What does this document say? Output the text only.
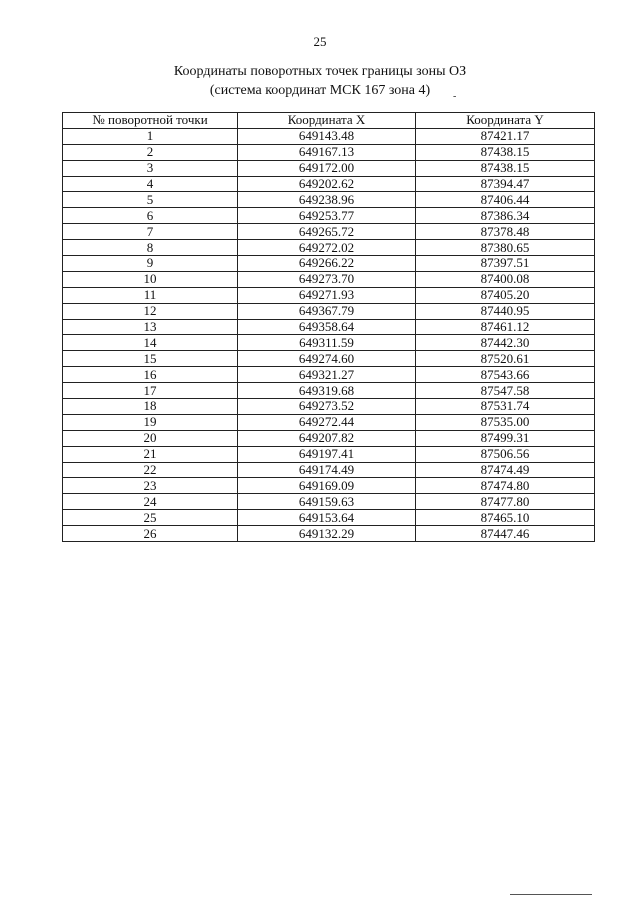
25
Координаты поворотных точек границы зоны ОЗ
(система координат МСК 167 зона 4)	-
№ поворотной точки	Координата X	Координата Y
1	649143.48	87421.17
2	649167.13	87438.15
3	649172.00	87438.15
4	649202.62	87394.47
5	649238.96	87406.44
6	649253.77	87386.34
7	649265.72	87378.48
8	649272.02	87380.65
9	649266.22	87397.51
10	649273.70	87400.08
11	649271.93	87405.20
12	649367.79	87440.95
13	649358.64	87461.12
14	649311.59	87442.30
15	649274.60	87520.61
16	649321.27	87543.66
17	649319.68	87547.58
18	649273.52	87531.74
19	649272.44	87535.00
20	649207.82	87499.31
21	649197.41	87506.56
22	649174.49	87474.49
23	649169.09	87474.80
24	649159.63	87477.80
25	649153.64	87465.10
26	649132.29	87447.46
